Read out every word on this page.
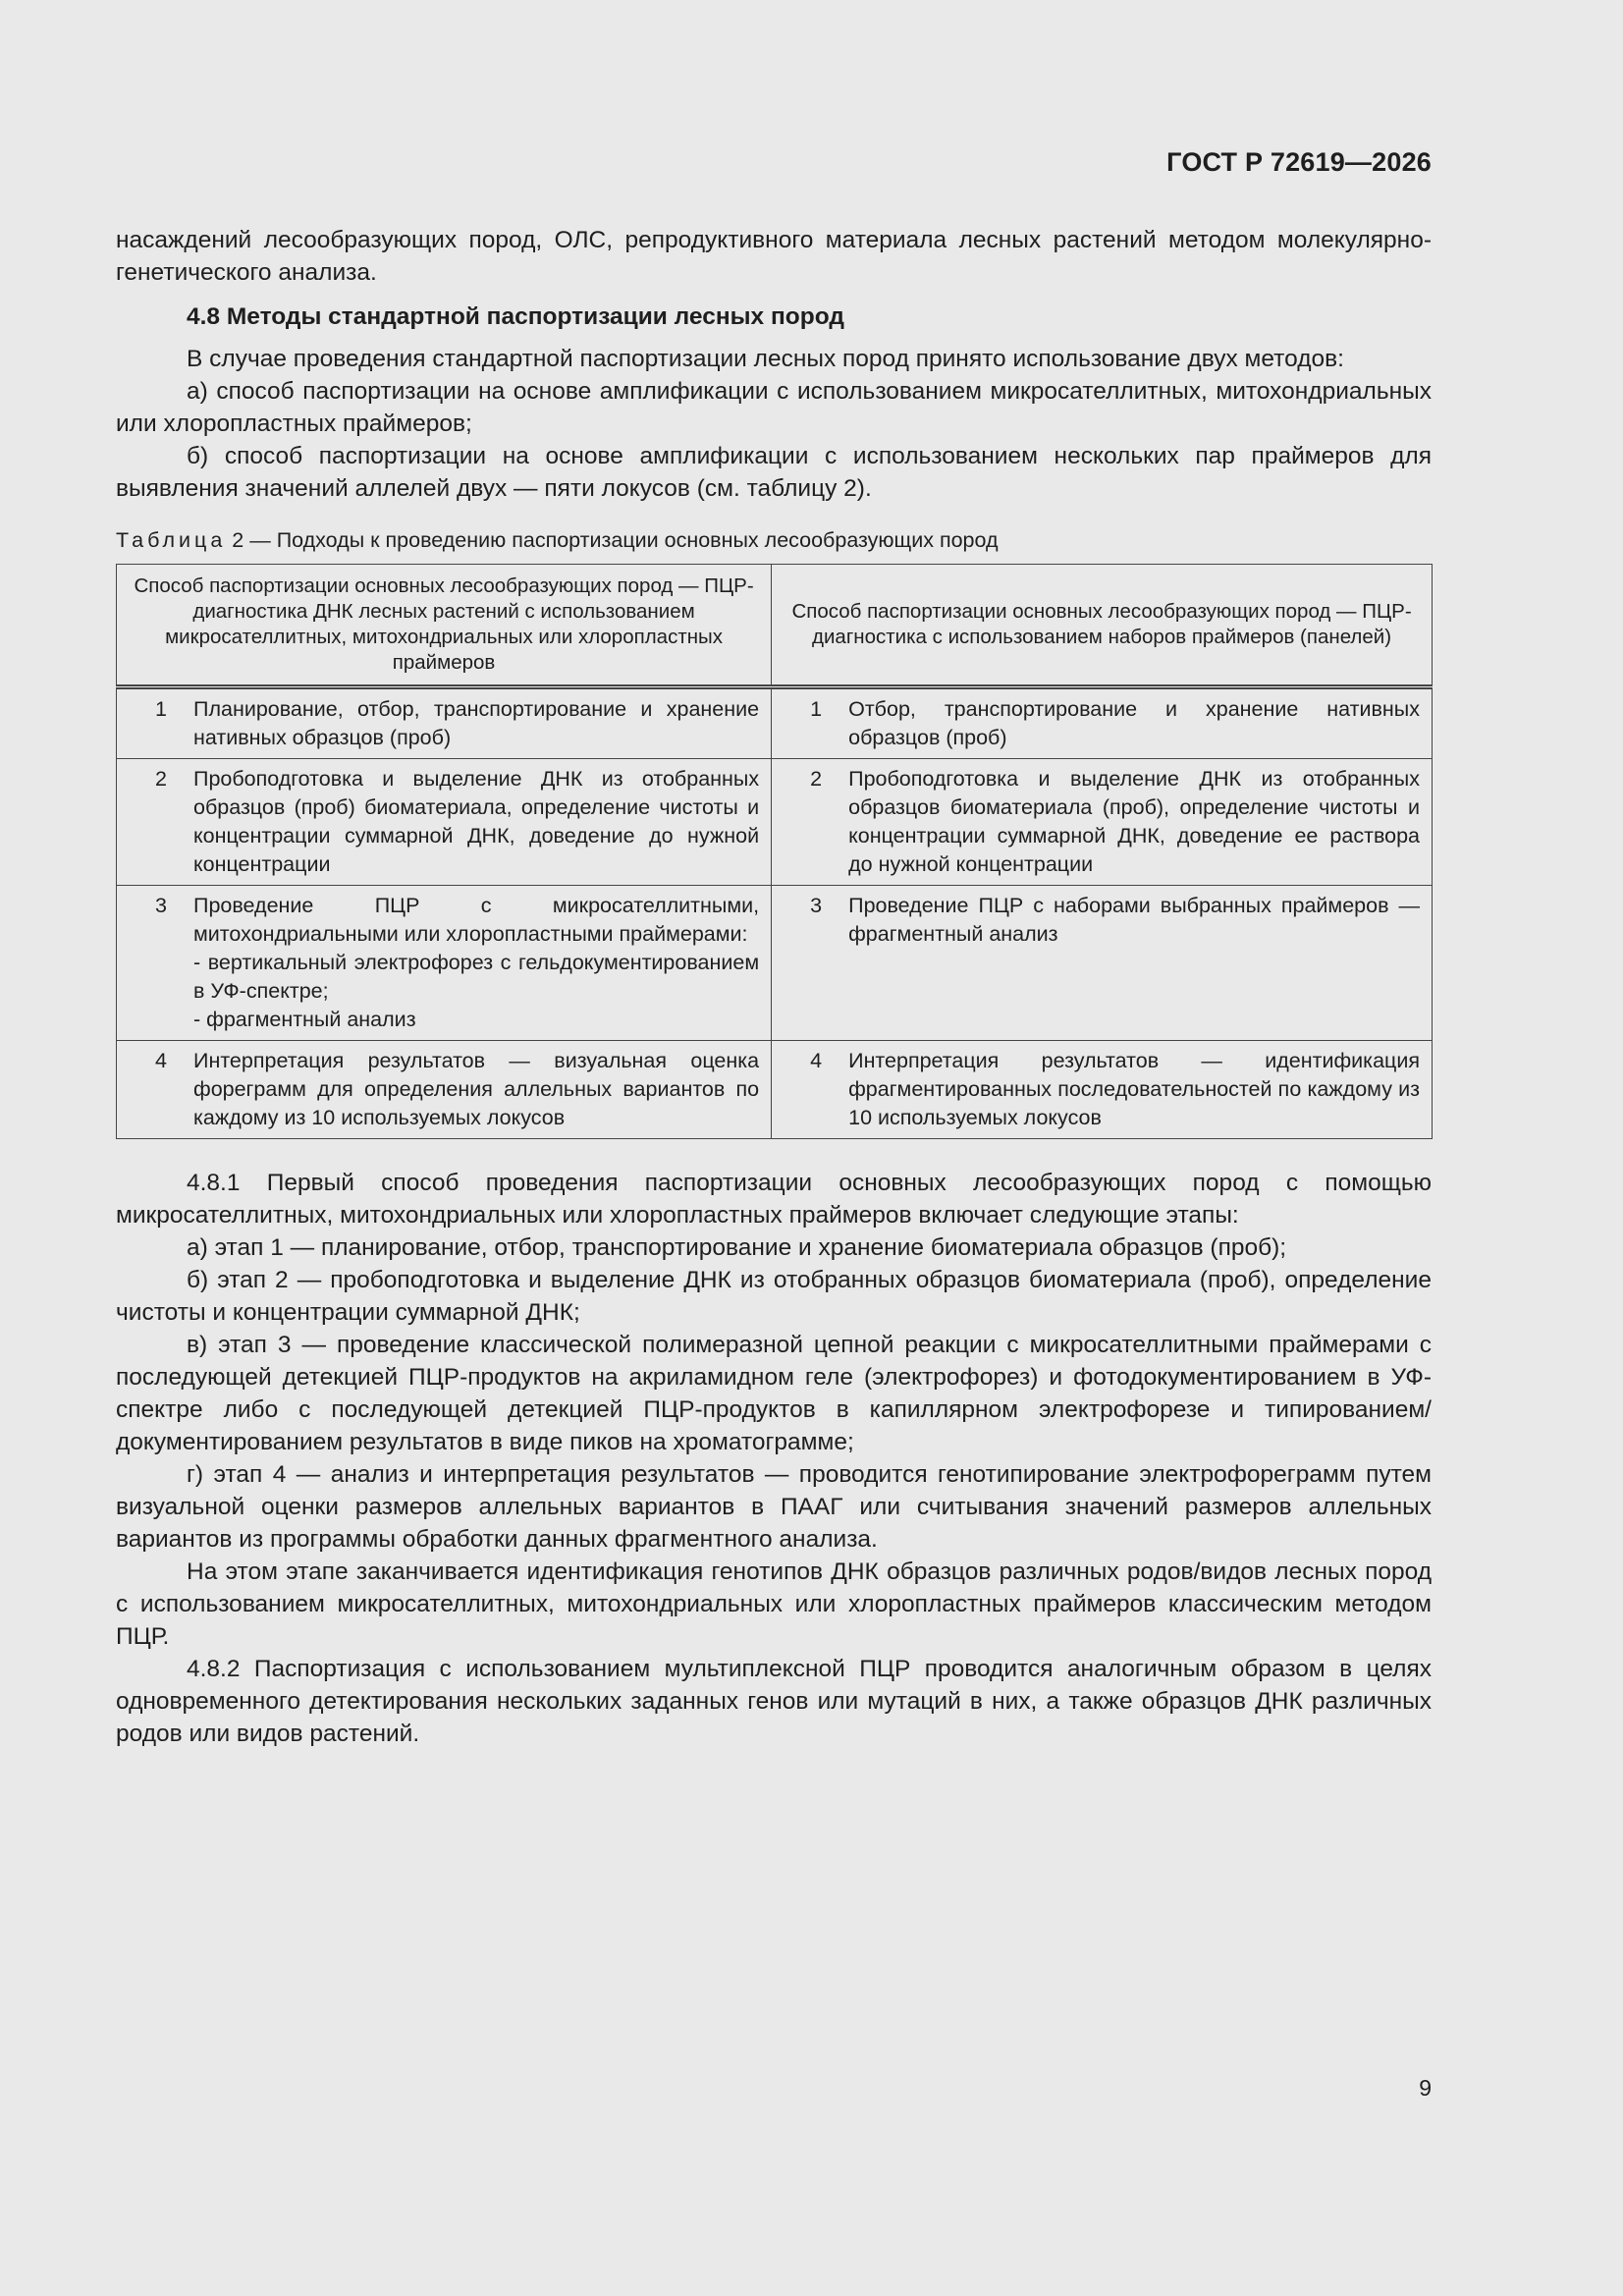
ГОСТ Р 72619—2026

насаждений лесообразующих пород, ОЛС, репродуктивного материала лесных растений методом молекулярно-генетического анализа.

4.8 Методы стандартной паспортизации лесных пород

В случае проведения стандартной паспортизации лесных пород принято использование двух методов:

а) способ паспортизации на основе амплификации с использованием микросателлитных, митохондриальных или хлоропластных праймеров;

б) способ паспортизации на основе амплификации с использованием нескольких пар праймеров для выявления значений аллелей двух — пяти локусов (см. таблицу 2).

Таблица 2 — Подходы к проведению паспортизации основных лесообразующих пород

Способ паспортизации основных лесообразующих пород — ПЦР-диагностика ДНК лесных растений с использованием микросателлитных, митохондриальных или хлоропластных праймеров		Способ паспортизации основных лесообразующих пород — ПЦР-диагностика с использованием наборов праймеров (панелей)	
1	Планирование, отбор, транспортирование и хранение нативных образцов (проб)	1	Отбор, транспортирование и хранение нативных образцов (проб)
2	Пробоподготовка и выделение ДНК из отобранных образцов (проб) биоматериала, определение чистоты и концентрации суммарной ДНК, доведение до нужной концентрации	2	Пробоподготовка и выделение ДНК из отобранных образцов биоматериала (проб), определение чистоты и концентрации суммарной ДНК, доведение ее раствора до нужной концентрации
3	Проведение ПЦР с микросателлитными, митохондриальными или хлоропластными праймерами:
- вертикальный электрофорез с гельдокументированием в УФ-спектре;
- фрагментный анализ	3	Проведение ПЦР с наборами выбранных праймеров — фрагментный анализ
4	Интерпретация результатов — визуальная оценка форeграмм для определения аллельных вариантов по каждому из 10 используемых локусов	4	Интерпретация результатов — идентификация фрагментированных последовательностей по каждому из 10 используемых локусов

4.8.1 Первый способ проведения паспортизации основных лесообразующих пород с помощью микросателлитных, митохондриальных или хлоропластных праймеров включает следующие этапы:

а) этап 1 — планирование, отбор, транспортирование и хранение биоматериала образцов (проб);

б) этап 2 — пробоподготовка и выделение ДНК из отобранных образцов биоматериала (проб), определение чистоты и концентрации суммарной ДНК;

в) этап 3 — проведение классической полимеразной цепной реакции с микросателлитными праймерами с последующей детекцией ПЦР-продуктов на акриламидном геле (электрофорез) и фотодокументированием в УФ-спектре либо с последующей детекцией ПЦР-продуктов в капиллярном электрофорезе и типированием/документированием результатов в виде пиков на хроматограмме;

г) этап 4 — анализ и интерпретация результатов — проводится генотипирование электрофореграмм путем визуальной оценки размеров аллельных вариантов в ПААГ или считывания значений размеров аллельных вариантов из программы обработки данных фрагментного анализа.

На этом этапе заканчивается идентификация генотипов ДНК образцов различных родов/видов лесных пород с использованием микросателлитных, митохондриальных или хлоропластных праймеров классическим методом ПЦР.

4.8.2 Паспортизация с использованием мультиплексной ПЦР проводится аналогичным образом в целях одновременного детектирования нескольких заданных генов или мутаций в них, а также образцов ДНК различных родов или видов растений.

9
